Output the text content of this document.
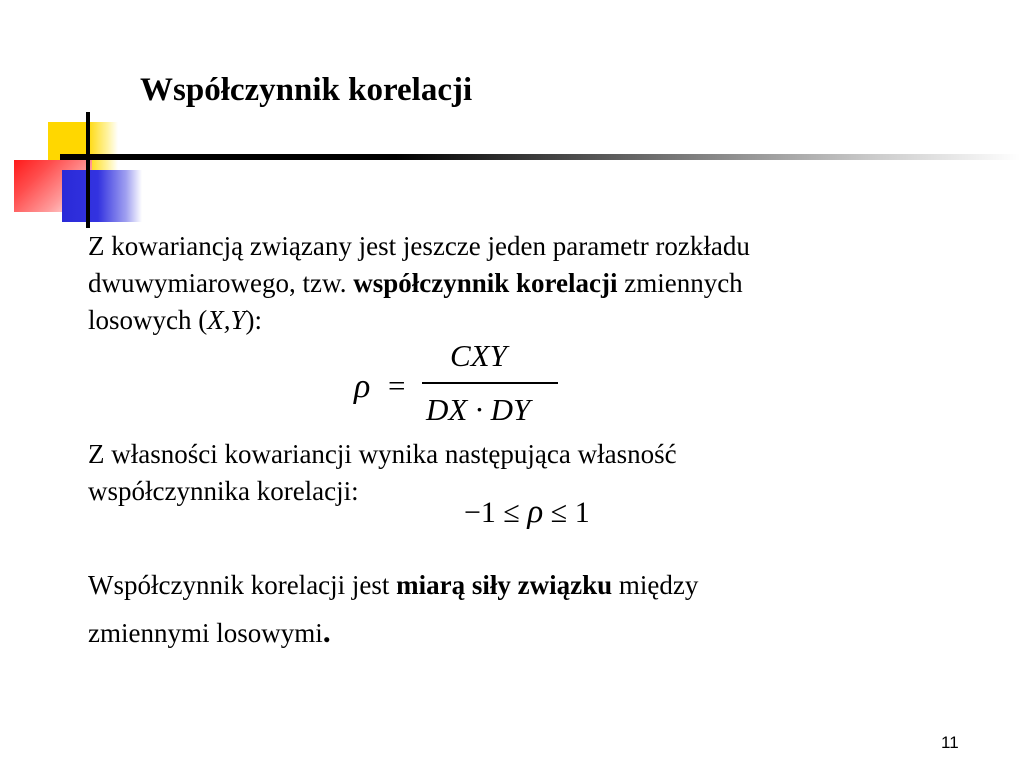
Współczynnik korelacji
Z kowariancją związany jest jeszcze jeden parametr rozkładu
dwuwymiarowego, tzw. współczynnik korelacji zmiennych
losowych (X,Y):
ρ =
CXY
DX · DY
Z własności kowariancji wynika następująca własność
współczynnika korelacji:
−1 ≤ ρ ≤ 1
Współczynnik korelacji jest miarą siły związku między
zmiennymi losowymi.
11
